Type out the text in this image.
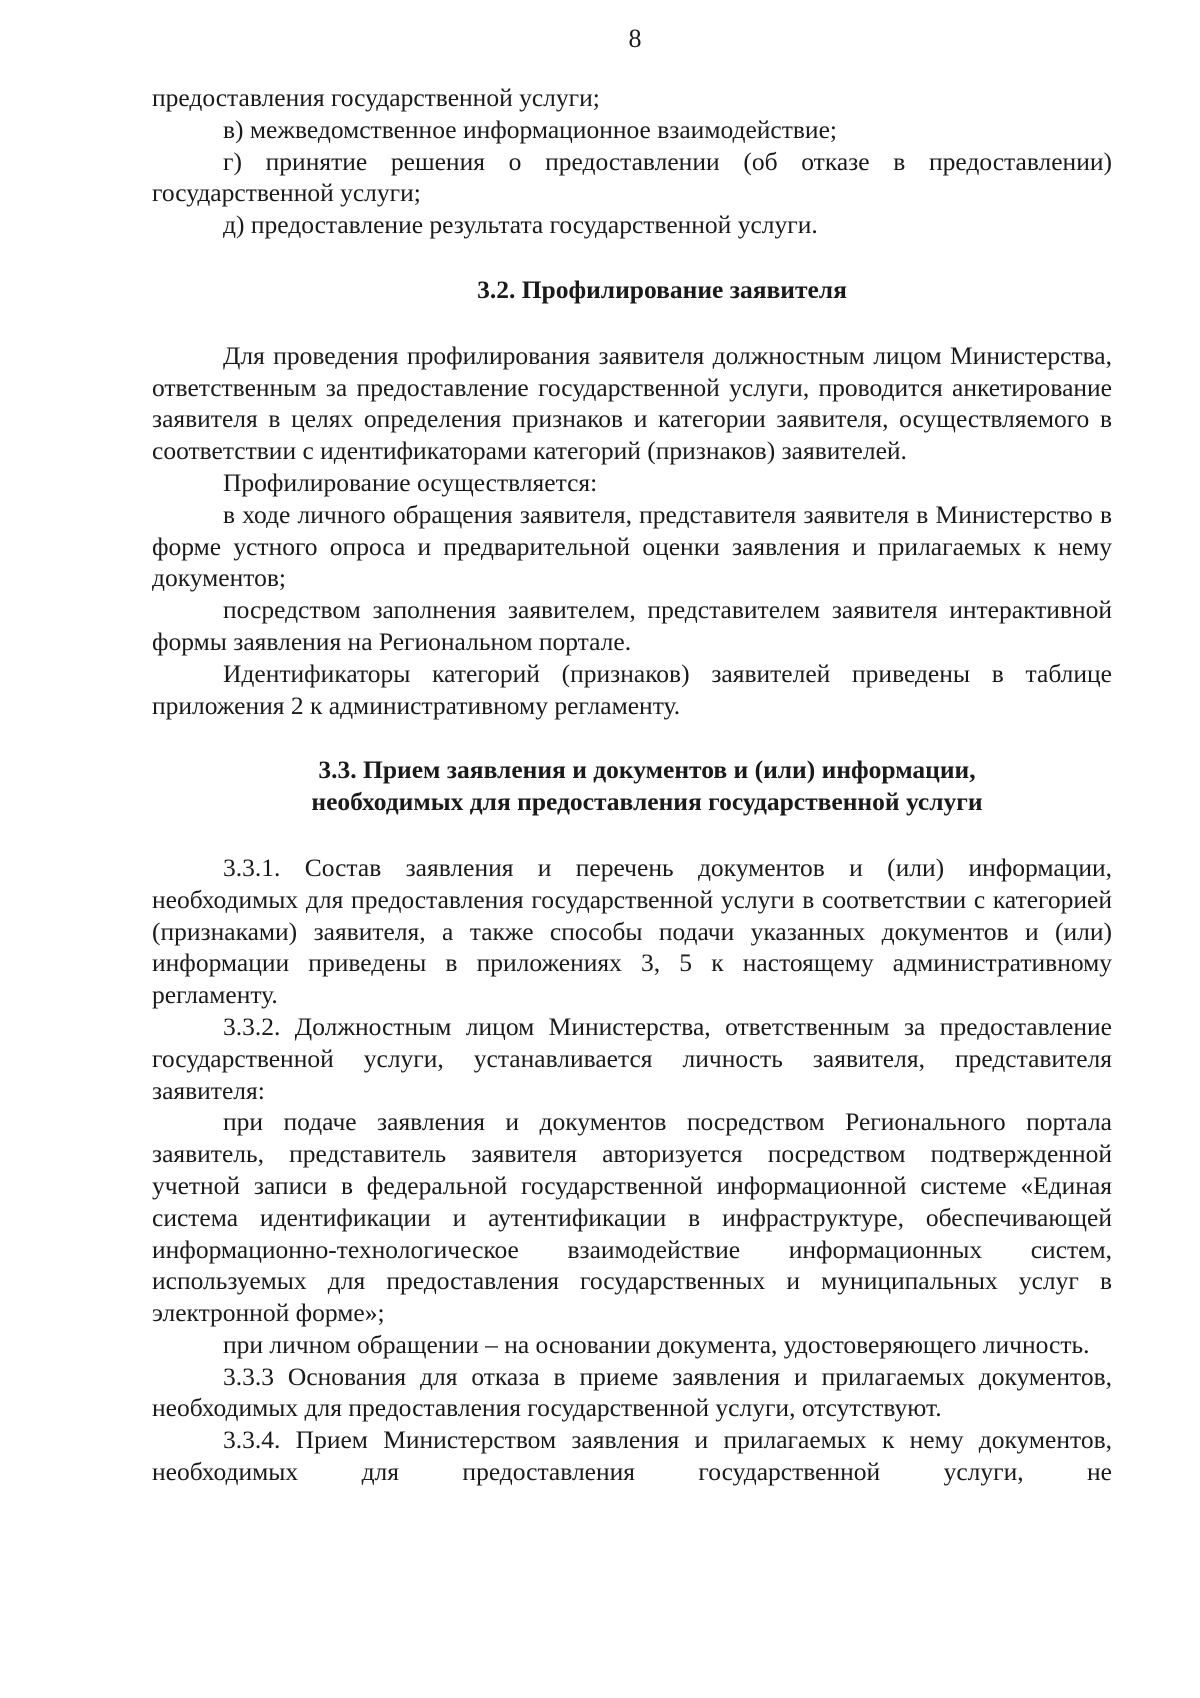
8

предоставления государственной услуги;

в) межведомственное информационное взаимодействие;

г) принятие решения о предоставлении (об отказе в предоставлении) государственной услуги;

д) предоставление результата государственной услуги.

3.2. Профилирование заявителя

Для проведения профилирования заявителя должностным лицом Министерства, ответственным за предоставление государственной услуги, проводится анкетирование заявителя в целях определения признаков и категории заявителя, осуществляемого в соответствии с идентификаторами категорий (признаков) заявителей.

Профилирование осуществляется:

в ходе личного обращения заявителя, представителя заявителя в Министерство в форме устного опроса и предварительной оценки заявления и прилагаемых к нему документов;

посредством заполнения заявителем, представителем заявителя интерактивной формы заявления на Региональном портале.

Идентификаторы категорий (признаков) заявителей приведены в таблице приложения 2 к административному регламенту.

3.3. Прием заявления и документов и (или) информации,
необходимых для предоставления государственной услуги

3.3.1. Состав заявления и перечень документов и (или) информации, необходимых для предоставления государственной услуги в соответствии с категорией (признаками) заявителя, а также способы подачи указанных документов и (или) информации приведены в приложениях 3, 5 к настоящему административному регламенту.

3.3.2. Должностным лицом Министерства, ответственным за предоставление государственной услуги, устанавливается личность заявителя, представителя заявителя:

при подаче заявления и документов посредством Регионального портала заявитель, представитель заявителя авторизуется посредством подтвержденной учетной записи в федеральной государственной информационной системе «Единая система идентификации и аутентификации в инфраструктуре, обеспечивающей информационно-технологическое взаимодействие информационных систем, используемых для предоставления государственных и муниципальных услуг в электронной форме»;

при личном обращении – на основании документа, удостоверяющего личность.

3.3.3 Основания для отказа в приеме заявления и прилагаемых документов, необходимых для предоставления государственной услуги, отсутствуют.

3.3.4. Прием Министерством заявления и прилагаемых к нему документов, необходимых для предоставления государственной услуги, не
